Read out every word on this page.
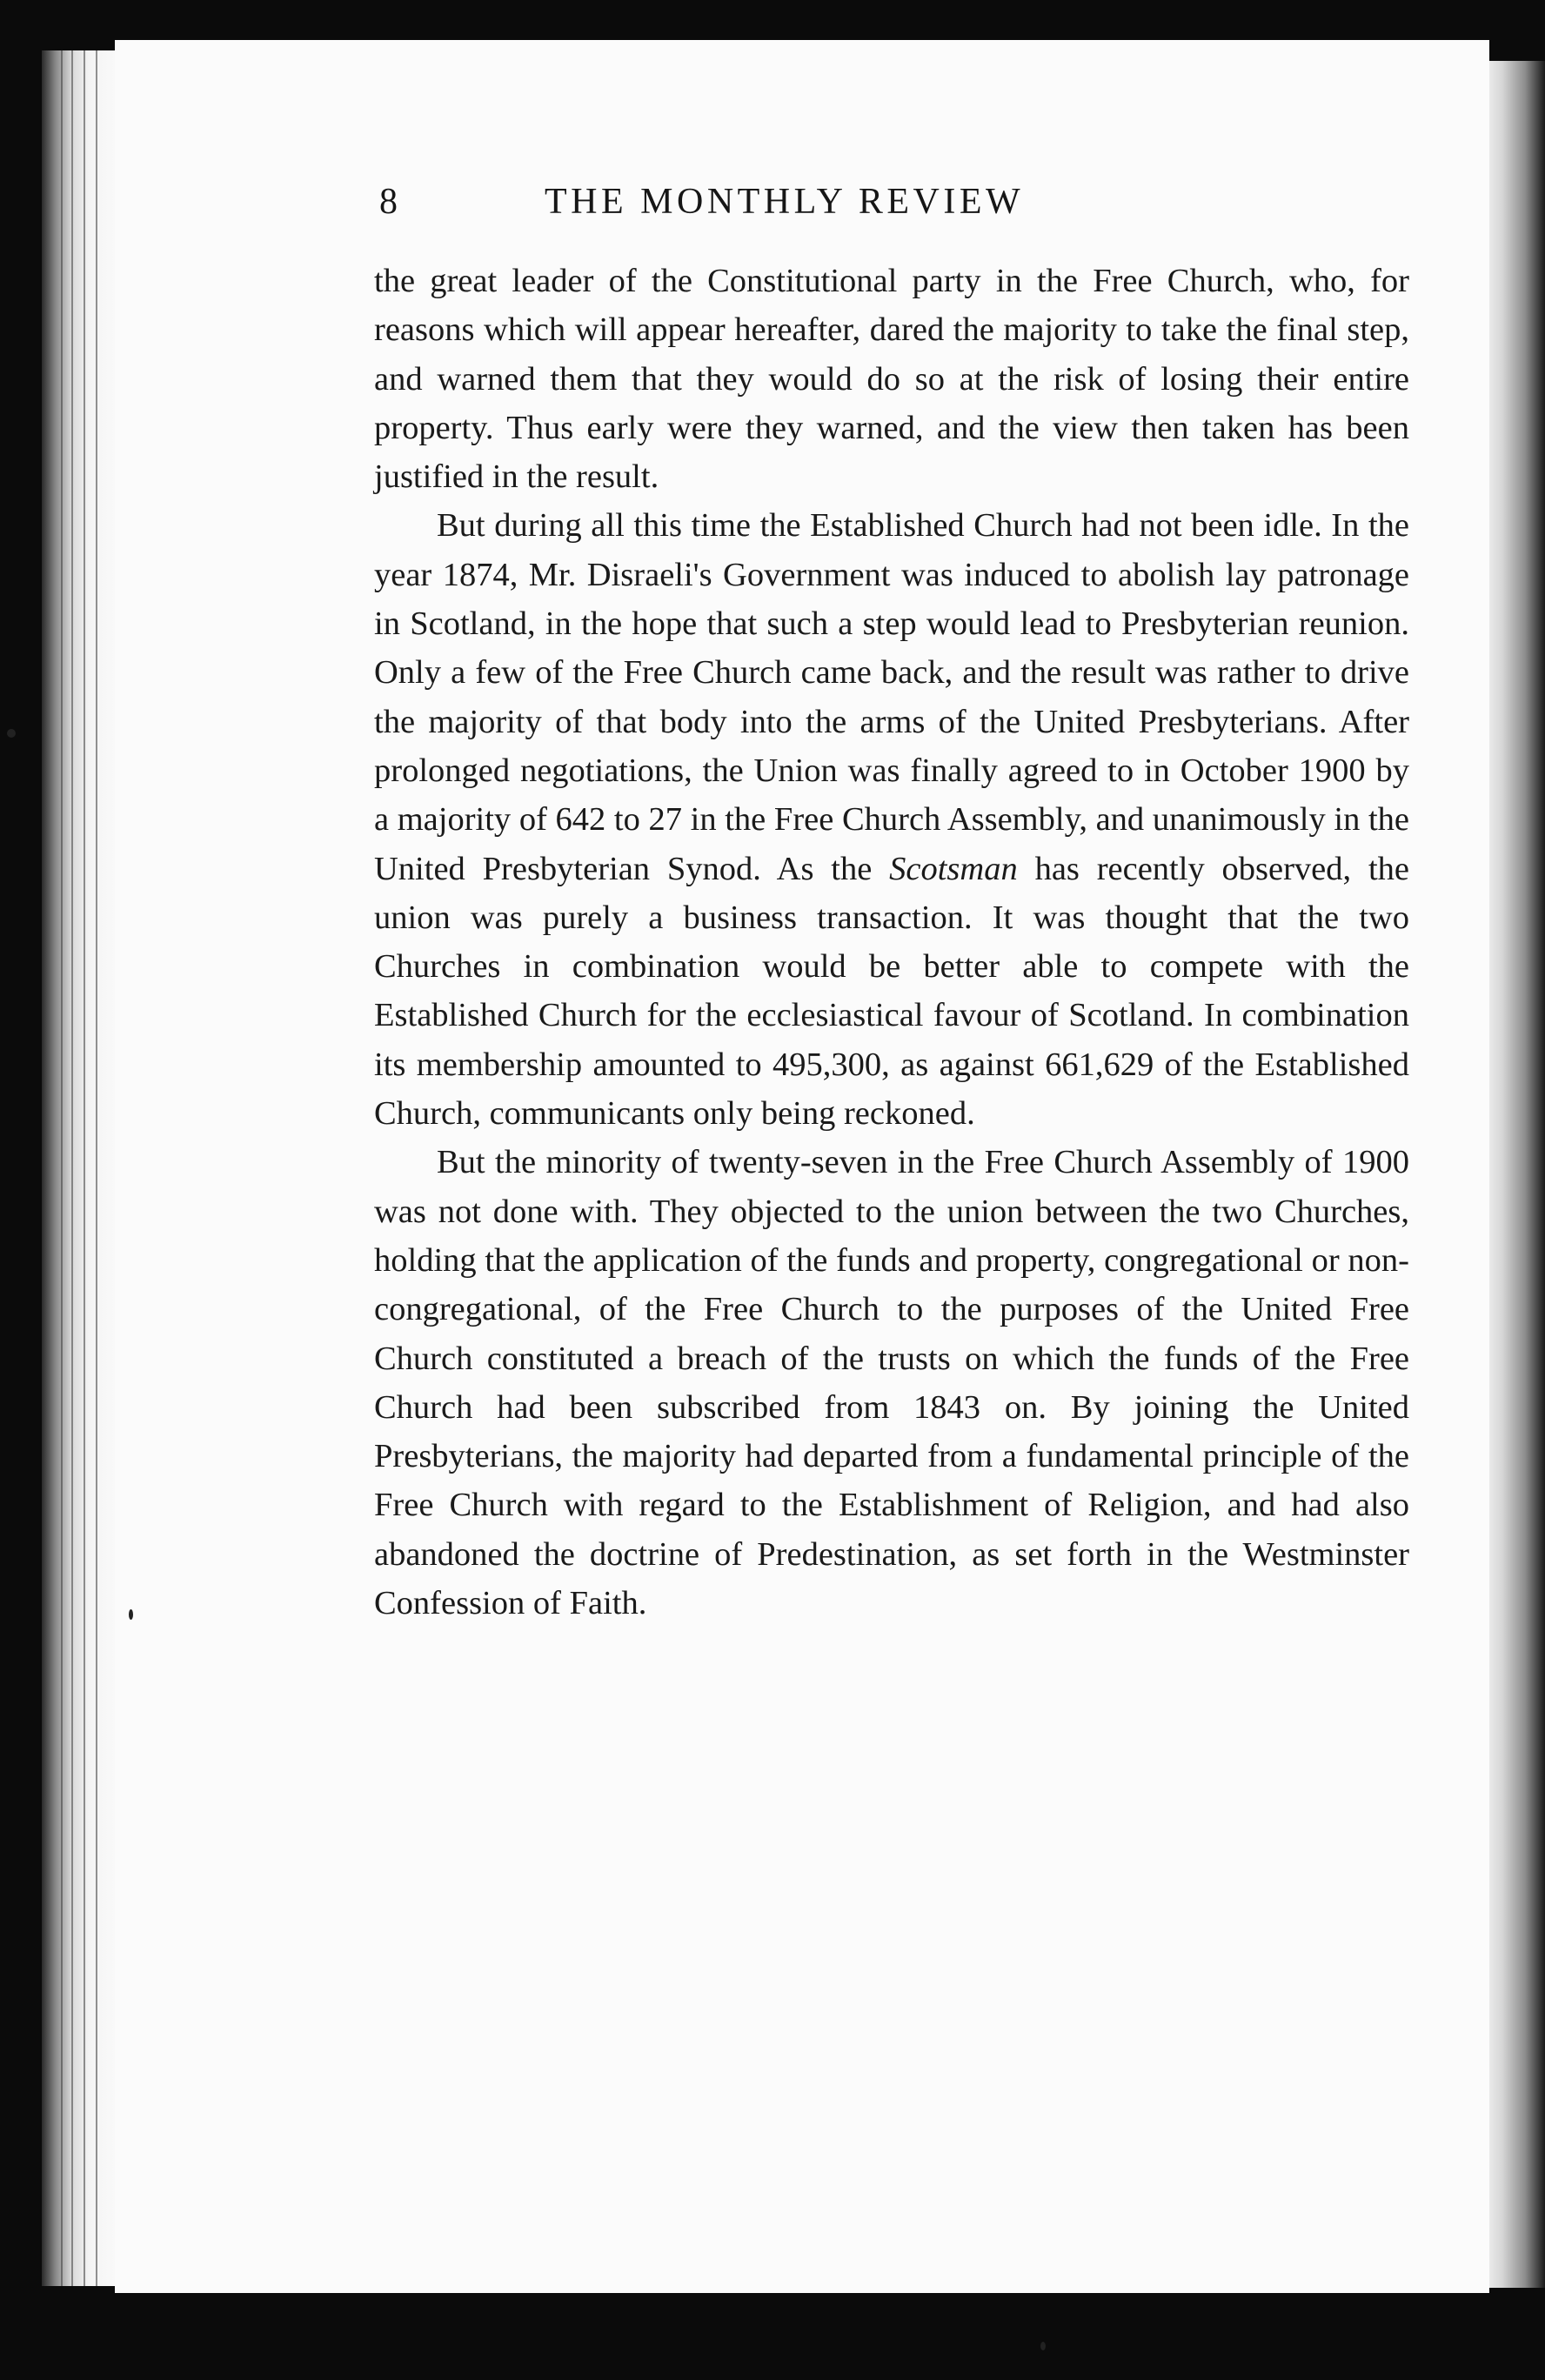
8	THE MONTHLY REVIEW

the great leader of the Constitutional party in the Free Church, who, for reasons which will appear hereafter, dared the majority to take the final step, and warned them that they would do so at the risk of losing their entire property. Thus early were they warned, and the view then taken has been justified in the result.

But during all this time the Established Church had not been idle. In the year 1874, Mr. Disraeli's Government was induced to abolish lay patronage in Scotland, in the hope that such a step would lead to Presbyterian reunion. Only a few of the Free Church came back, and the result was rather to drive the majority of that body into the arms of the United Presbyterians. After prolonged negotiations, the Union was finally agreed to in October 1900 by a majority of 642 to 27 in the Free Church Assembly, and unanimously in the United Presbyterian Synod. As the Scotsman has recently observed, the union was purely a business transaction. It was thought that the two Churches in combination would be better able to compete with the Established Church for the ecclesiastical favour of Scotland. In combination its membership amounted to 495,300, as against 661,629 of the Established Church, communicants only being reckoned.

But the minority of twenty-seven in the Free Church Assembly of 1900 was not done with. They objected to the union between the two Churches, holding that the application of the funds and property, congregational or non-congregational, of the Free Church to the purposes of the United Free Church constituted a breach of the trusts on which the funds of the Free Church had been subscribed from 1843 on. By joining the United Presbyterians, the majority had departed from a fundamental principle of the Free Church with regard to the Establishment of Religion, and had also abandoned the doctrine of Predestination, as set forth in the Westminster Confession of Faith.
